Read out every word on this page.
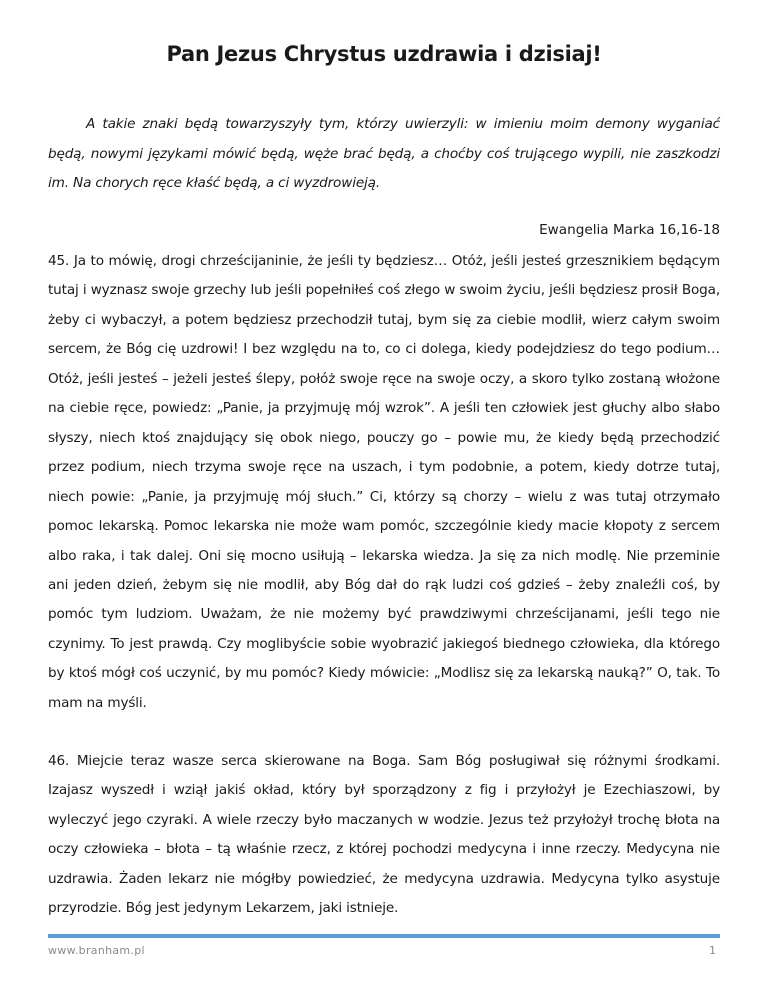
Pan Jezus Chrystus uzdrawia i dzisiaj!

A takie znaki będą towarzyszyły tym, którzy uwierzyli: w imieniu moim demony wyganiać będą, nowymi językami mówić będą, węże brać będą, a choćby coś trującego wypili, nie zaszkodzi im. Na chorych ręce kłaść będą, a ci wyzdrowieją.

Ewangelia Marka 16,16-18

45. Ja to mówię, drogi chrześcijaninie, że jeśli ty będziesz… Otóż, jeśli jesteś grzesznikiem będącym tutaj i wyznasz swoje grzechy lub jeśli popełniłeś coś złego w swoim życiu, jeśli będziesz prosił Boga, żeby ci wybaczył, a potem będziesz przechodził tutaj, bym się za ciebie modlił, wierz całym swoim sercem, że Bóg cię uzdrowi! I bez względu na to, co ci dolega, kiedy podejdziesz do tego podium… Otóż, jeśli jesteś – jeżeli jesteś ślepy, połóż swoje ręce na swoje oczy, a skoro tylko zostaną włożone na ciebie ręce, powiedz: „Panie, ja przyjmuję mój wzrok”. A jeśli ten człowiek jest głuchy albo słabo słyszy, niech ktoś znajdujący się obok niego, pouczy go – powie mu, że kiedy będą przechodzić przez podium, niech trzyma swoje ręce na uszach, i tym podobnie, a potem, kiedy dotrze tutaj, niech powie: „Panie, ja przyjmuję mój słuch.” Ci, którzy są chorzy – wielu z was tutaj otrzymało pomoc lekarską. Pomoc lekarska nie może wam pomóc, szczególnie kiedy macie kłopoty z sercem albo raka, i tak dalej. Oni się mocno usiłują – lekarska wiedza. Ja się za nich modlę. Nie przeminie ani jeden dzień, żebym się nie modlił, aby Bóg dał do rąk ludzi coś gdzieś – żeby znaleźli coś, by pomóc tym ludziom. Uważam, że nie możemy być prawdziwymi chrześcijanami, jeśli tego nie czynimy. To jest prawdą. Czy moglibyście sobie wyobrazić jakiegoś biednego człowieka, dla którego by ktoś mógł coś uczynić, by mu pomóc? Kiedy mówicie: „Modlisz się za lekarską nauką?” O, tak. To mam na myśli.

46. Miejcie teraz wasze serca skierowane na Boga. Sam Bóg posługiwał się różnymi środkami. Izajasz wyszedł i wziął jakiś okład, który był sporządzony z fig i przyłożył je Ezechiaszowi, by wyleczyć jego czyraki. A wiele rzeczy było maczanych w wodzie. Jezus też przyłożył trochę błota na oczy człowieka – błota – tą właśnie rzecz, z której pochodzi medycyna i inne rzeczy. Medycyna nie uzdrawia. Żaden lekarz nie mógłby powiedzieć, że medycyna uzdrawia. Medycyna tylko asystuje przyrodzie. Bóg jest jedynym Lekarzem, jaki istnieje.

www.branham.pl	1
